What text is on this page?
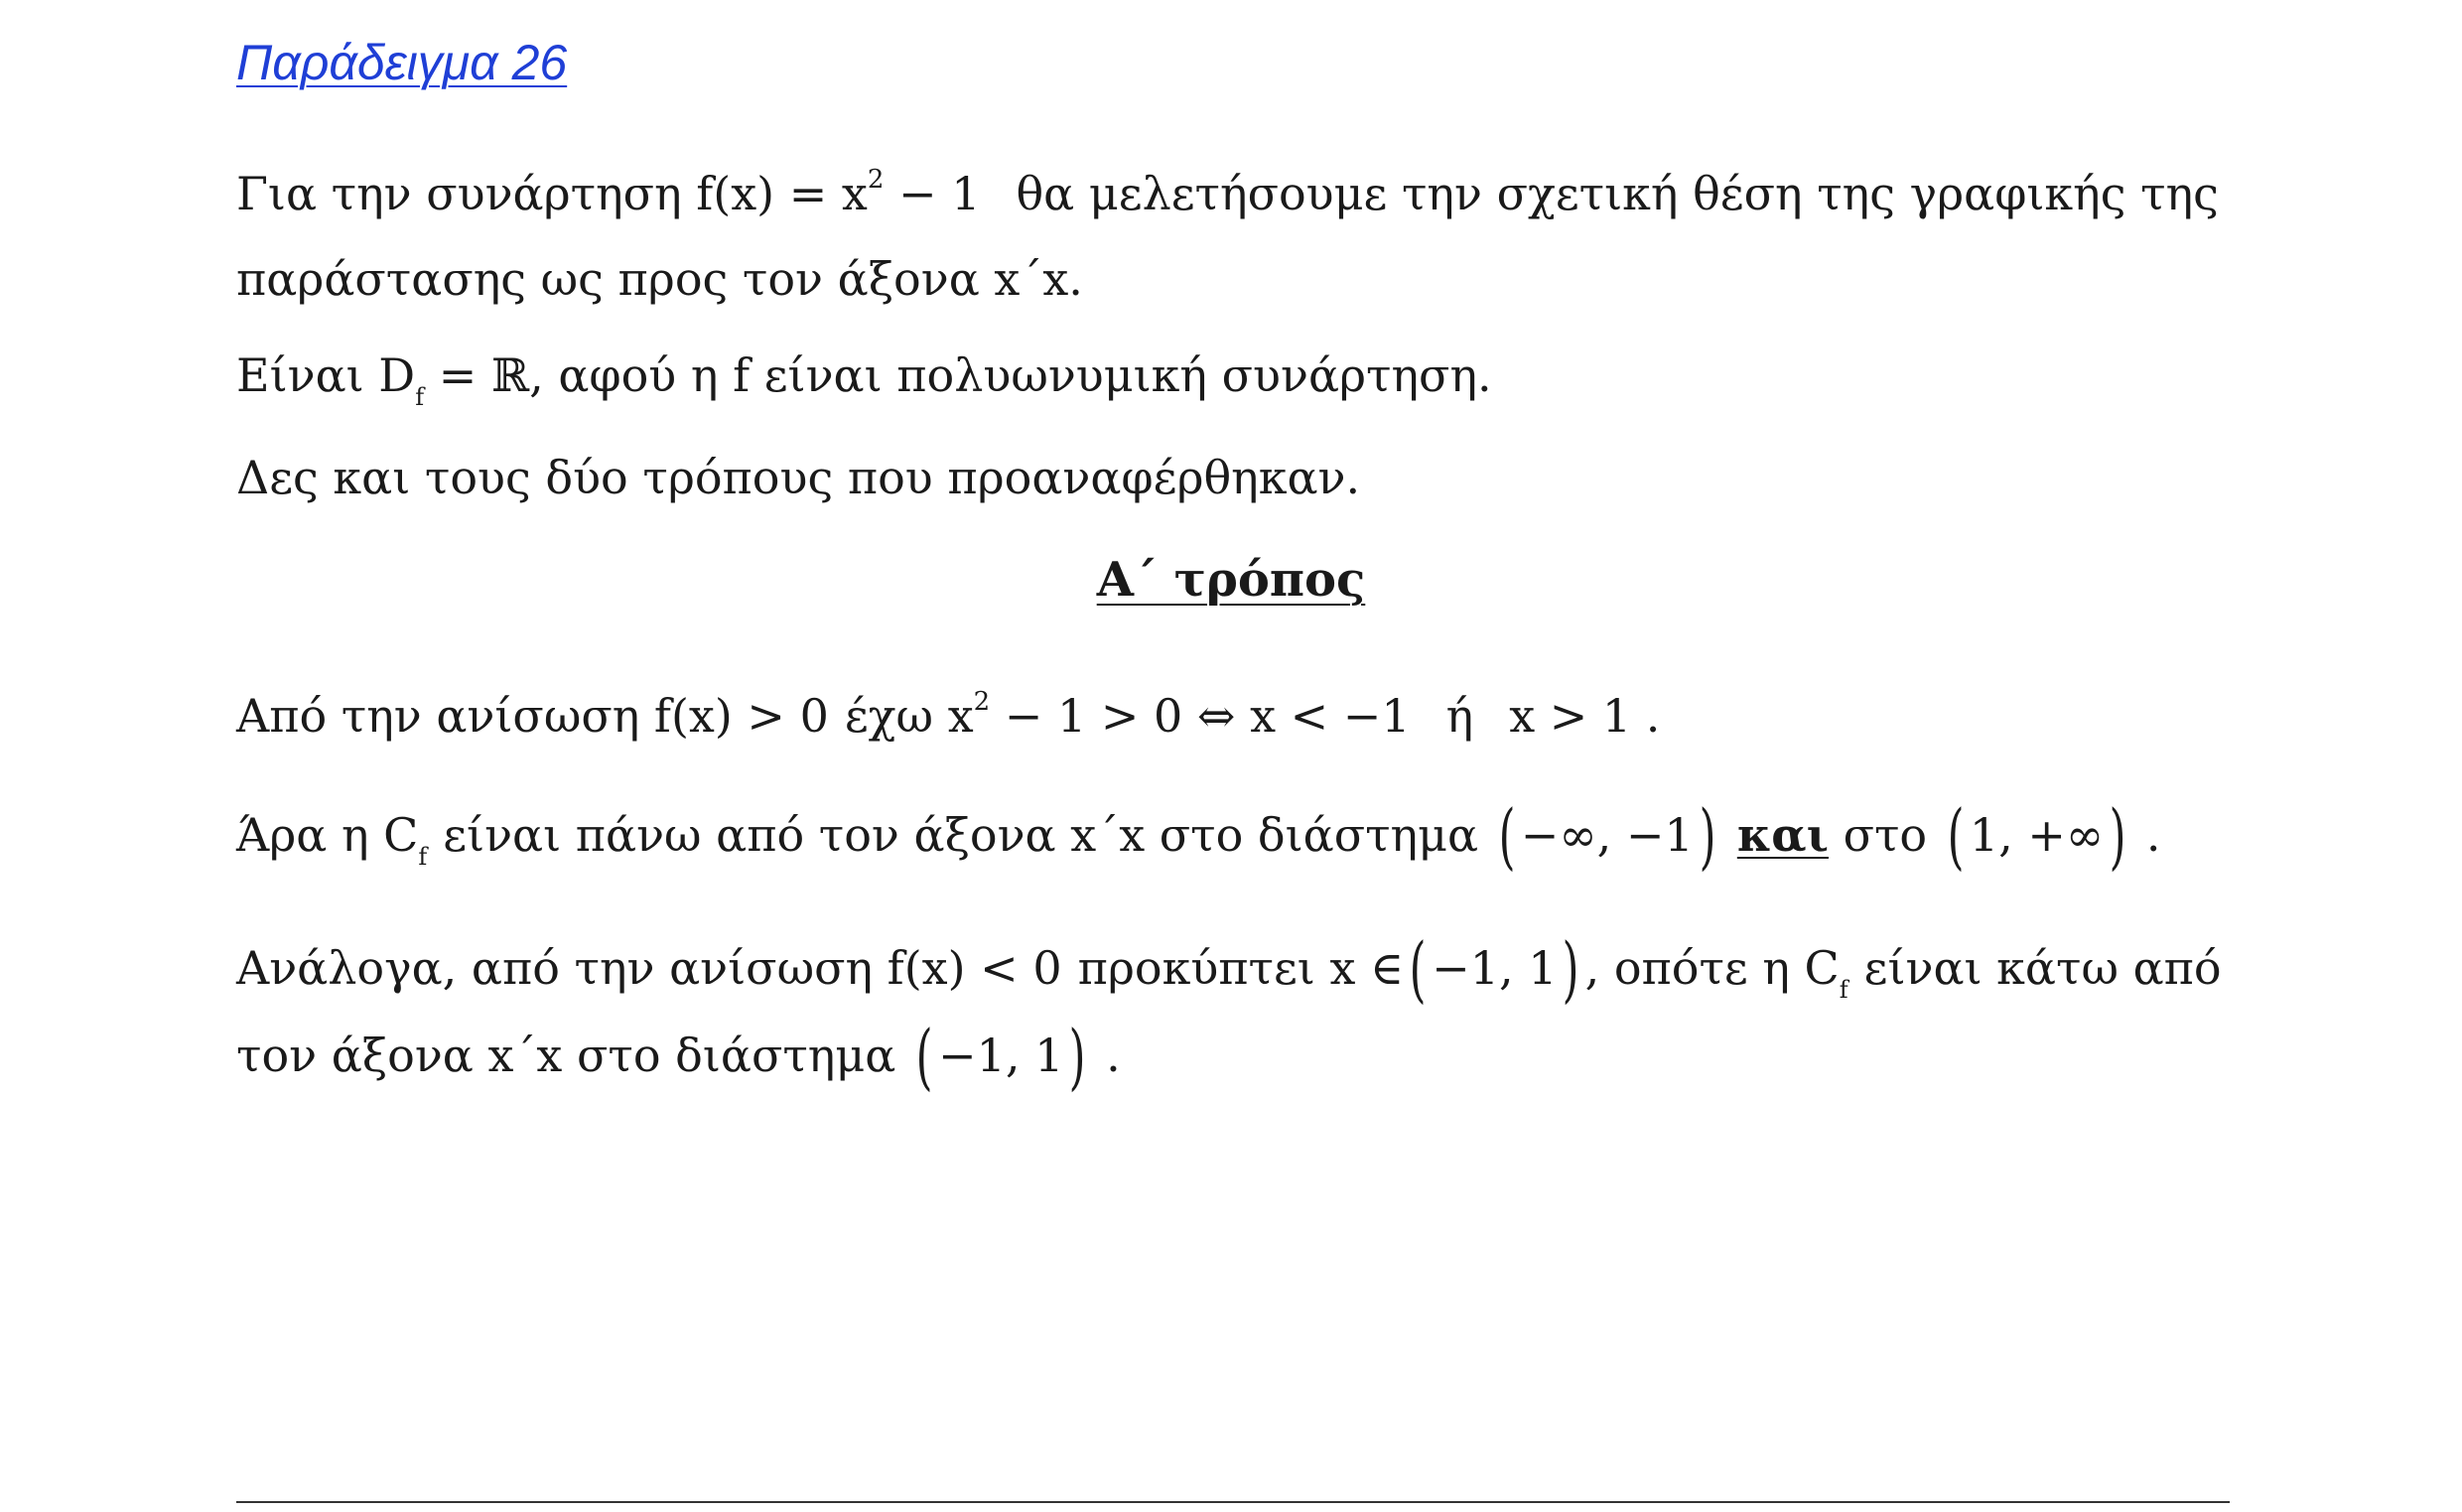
Παράδειγμα 26
Για την συνάρτηση $f(x) = x^2 - 1$ θα μελετήσουμε την σχετική θέση της γραφικής της
παράστασης ως προς τον άξονα x΄x.
Είναι $D_f$ = ℝ, αφού η f είναι πολυωνυμική συνάρτηση.
Δες και τους δύο τρόπους που προαναφέρθηκαν.
Α΄ τρόπος
Από την ανίσωση f(x) > 0 έχω $x^2 - 1 > 0$ ⇔ x < −1 ή x > 1 .
Άρα η $C_f$ είναι πάνω από τον άξονα x΄x στο διάστημα ( −∞, −1) και στο ( 1, +∞) .
Ανάλογα, από την ανίσωση f(x) < 0 προκύπτει x ∈( −1, 1) , οπότε η $C_f$ είναι κάτω από
τον άξονα x΄x στο διάστημα ( −1, 1) .
